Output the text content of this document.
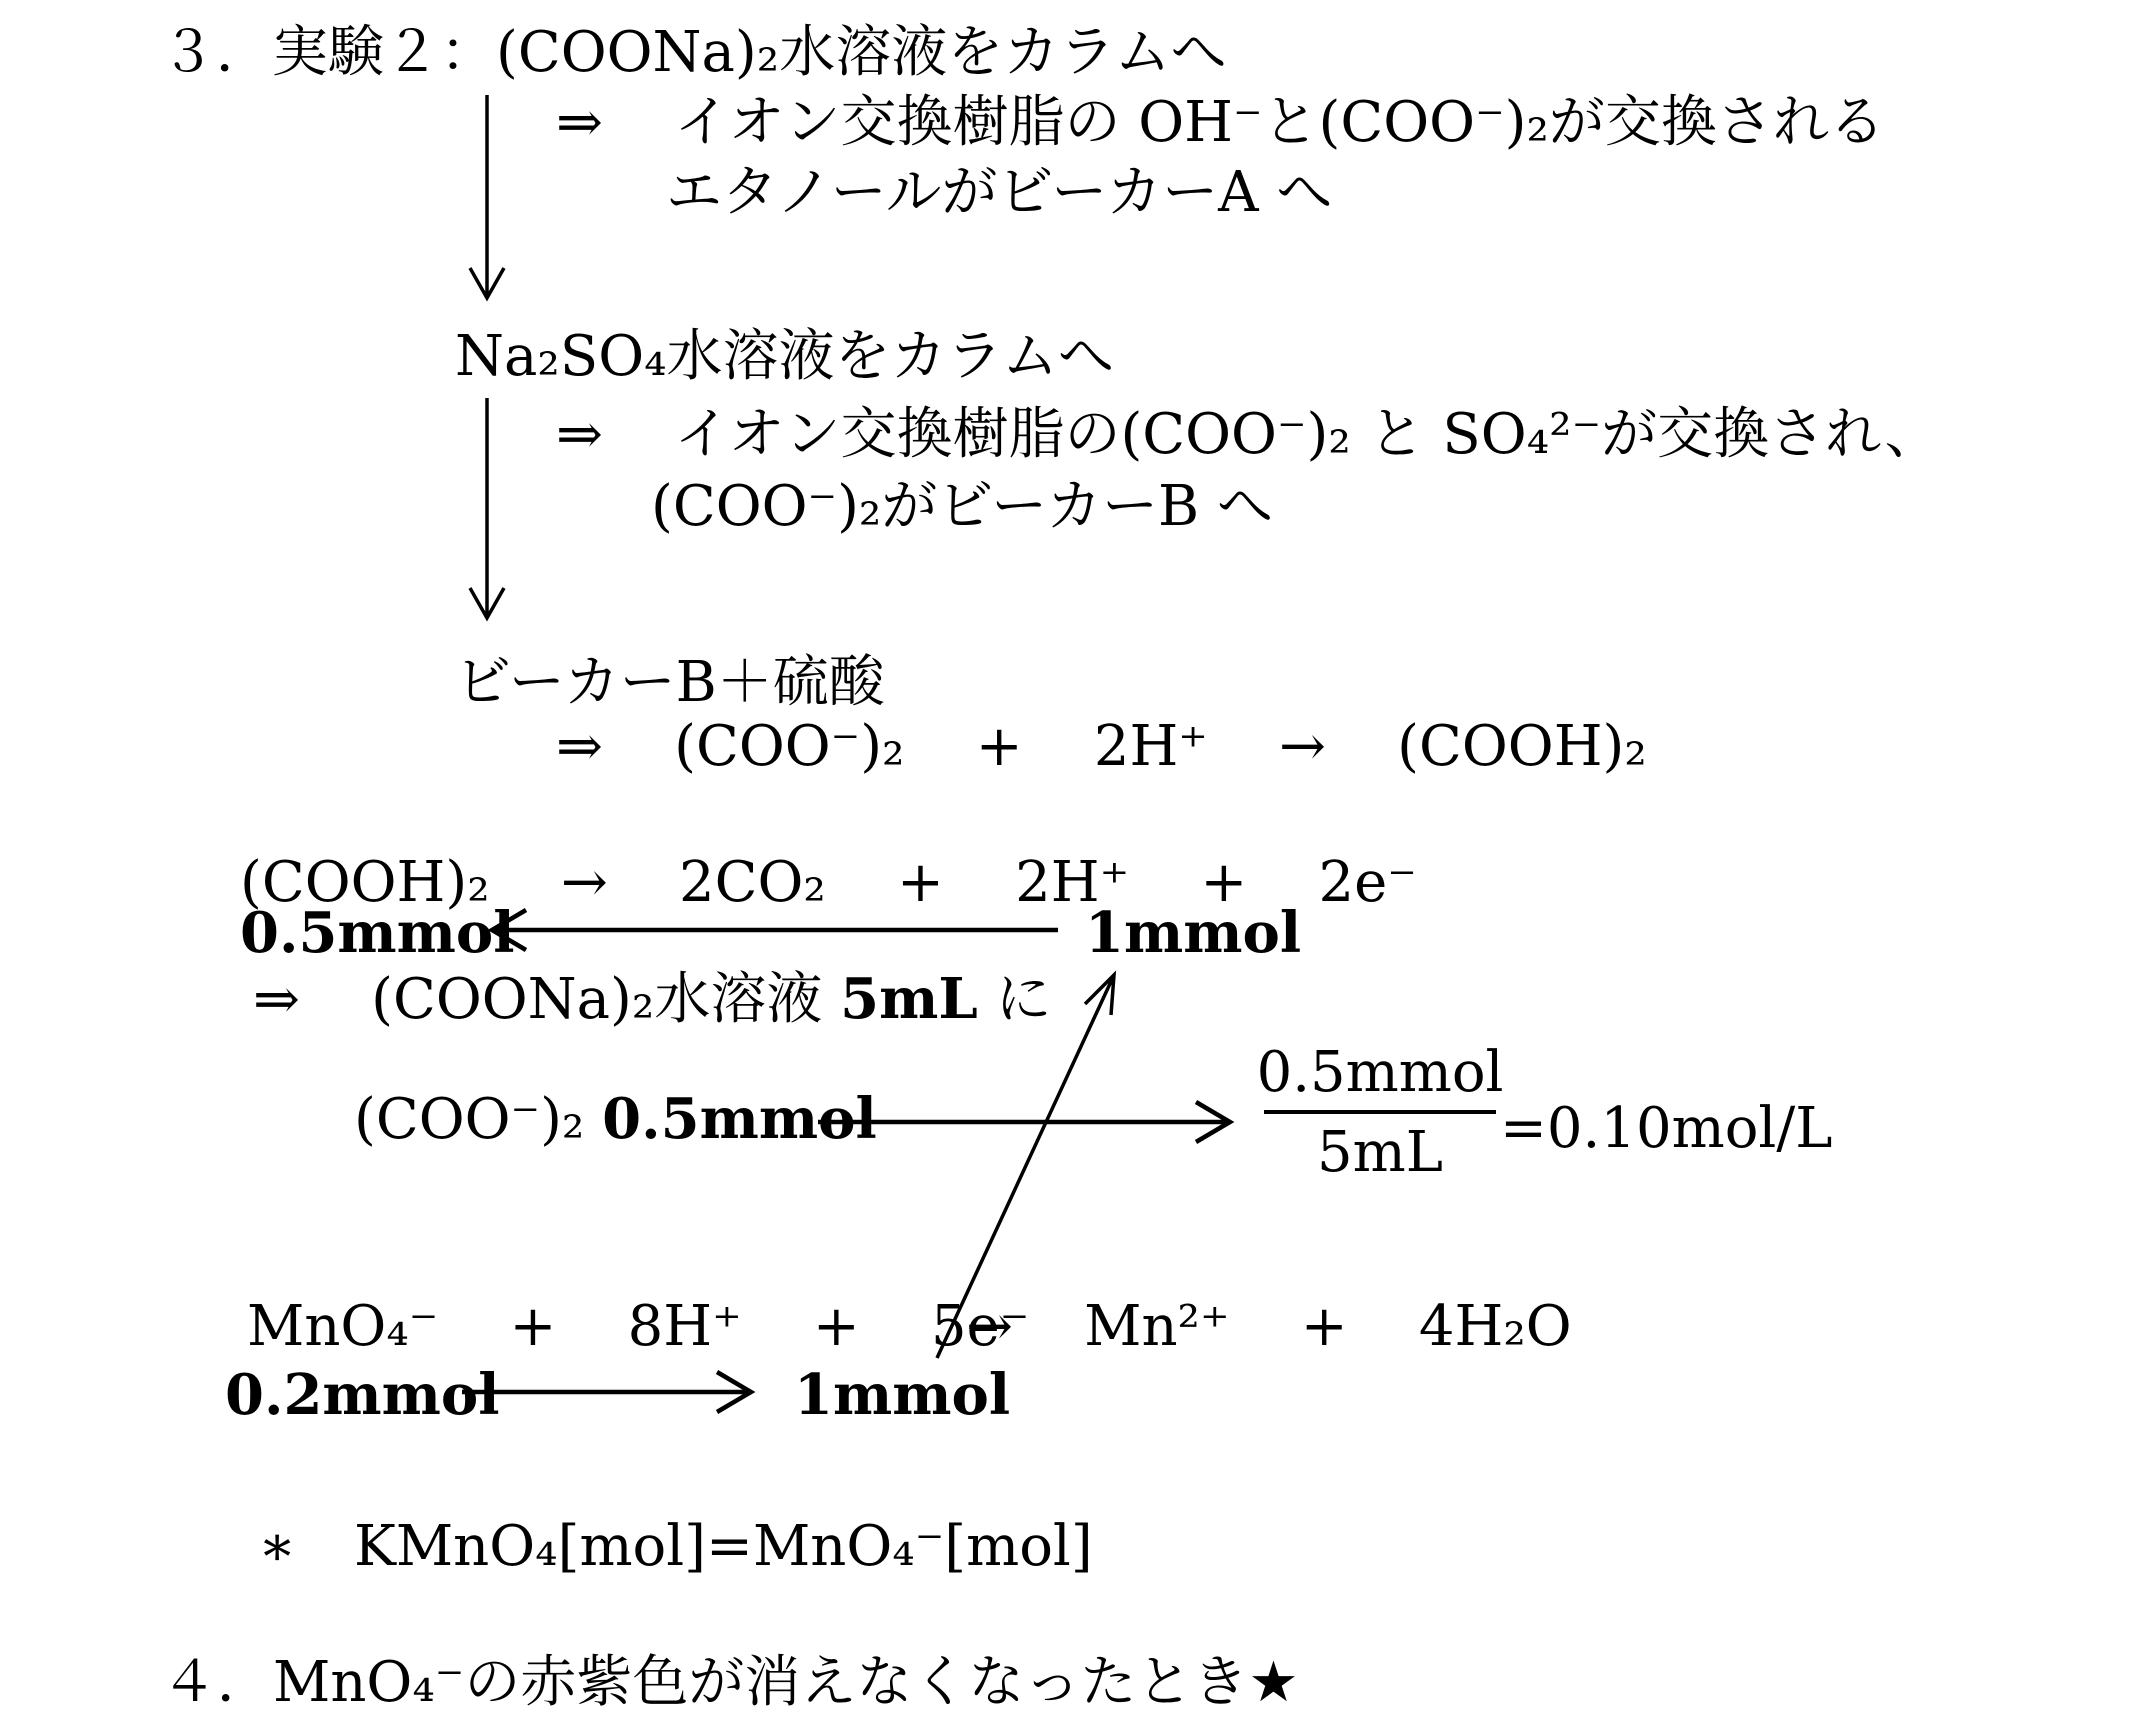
３．実験２：(COONa)₂水溶液をカラムへ
⇒    イオン交換樹脂の OH⁻と(COO⁻)₂が交換される
エタノールがビーカーA へ
Na₂SO₄水溶液をカラムへ
⇒    イオン交換樹脂の(COO⁻)₂ と SO₄²⁻が交換され、
(COO⁻)₂がビーカーB へ
ビーカーB＋硫酸
⇒    (COO⁻)₂    +    2H⁺    →    (COOH)₂
(COOH)₂    →    2CO₂    +    2H⁺    +    2e⁻
0.5mmol	1mmol
⇒    (COONa)₂水溶液 5mL に
(COO⁻)₂ 0.5mmol
0.5mmol
5mL =0.10mol/L
MnO₄⁻    +    8H⁺    +    5e⁻
→    Mn²⁺    +    4H₂O
0.2mmol	1mmol
∗ KMnO₄[mol]=MnO₄⁻[mol]
４．MnO₄⁻の赤紫色が消えなくなったとき★
